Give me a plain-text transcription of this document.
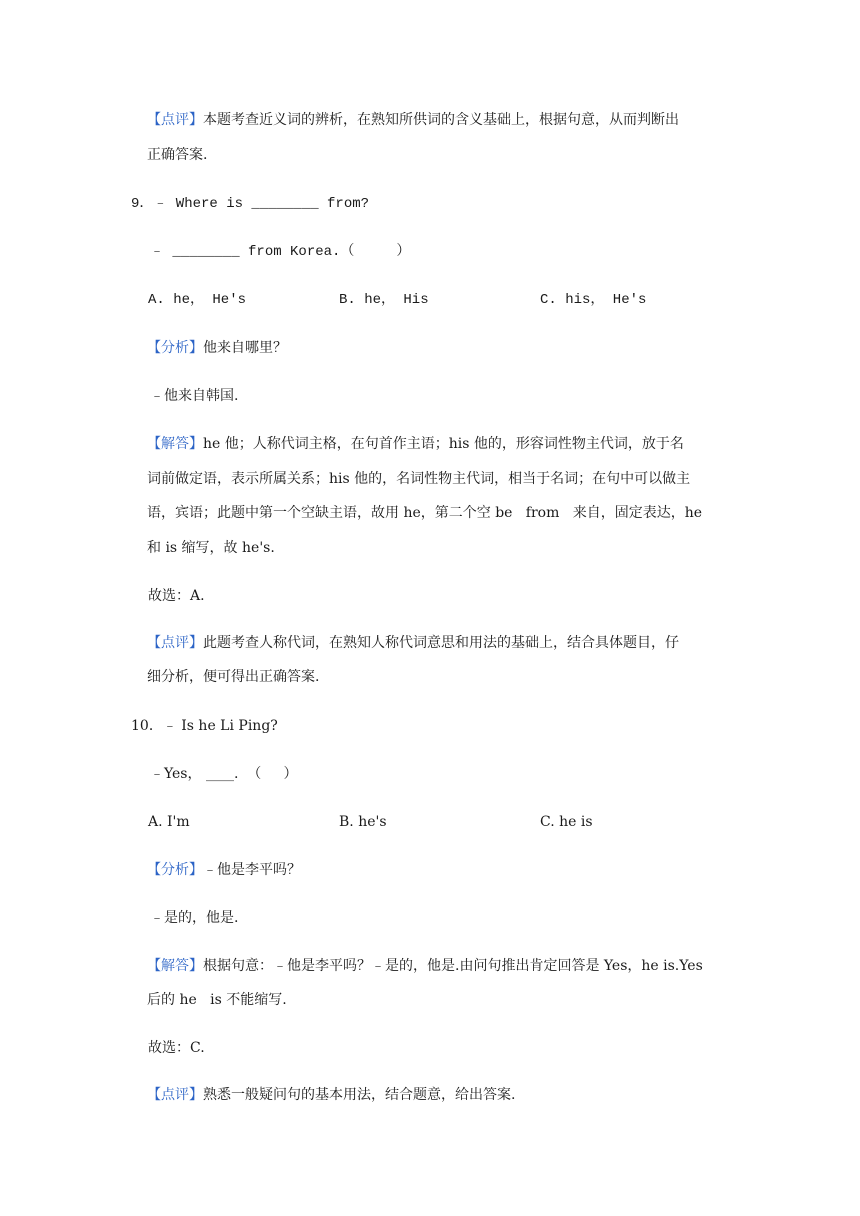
【点评】本题考查近义词的辨析，在熟知所供词的含义基础上，根据句意，从而判断出
正确答案.
9．﹣ Where is ________ from?
﹣ ________ from Korea.（     ）
A. he， He's	B. he， His	C. his， He's
【分析】他来自哪里？
﹣他来自韩国.
【解答】he 他；人称代词主格，在句首作主语；his 他的，形容词性物主代词，放于名
词前做定语，表示所属关系；his 他的，名词性物主代词，相当于名词；在句中可以做主
语，宾语；此题中第一个空缺主语，故用 he，第二个空 be   from   来自，固定表达，he
和 is 缩写，故 he's.
故选：A.
【点评】此题考查人称代词，在熟知人称代词意思和用法的基础上，结合具体题目，仔
细分析，便可得出正确答案.
10．﹣ Is he Li Ping?
﹣Yes， ____.  （     ）
A. I'm	B. he's	C. he is
【分析】﹣他是李平吗？
﹣是的，他是.
【解答】根据句意：﹣他是李平吗？﹣是的，他是.由问句推出肯定回答是 Yes，he is.Yes
后的 he   is 不能缩写.
故选：C.
【点评】熟悉一般疑问句的基本用法，结合题意，给出答案.
